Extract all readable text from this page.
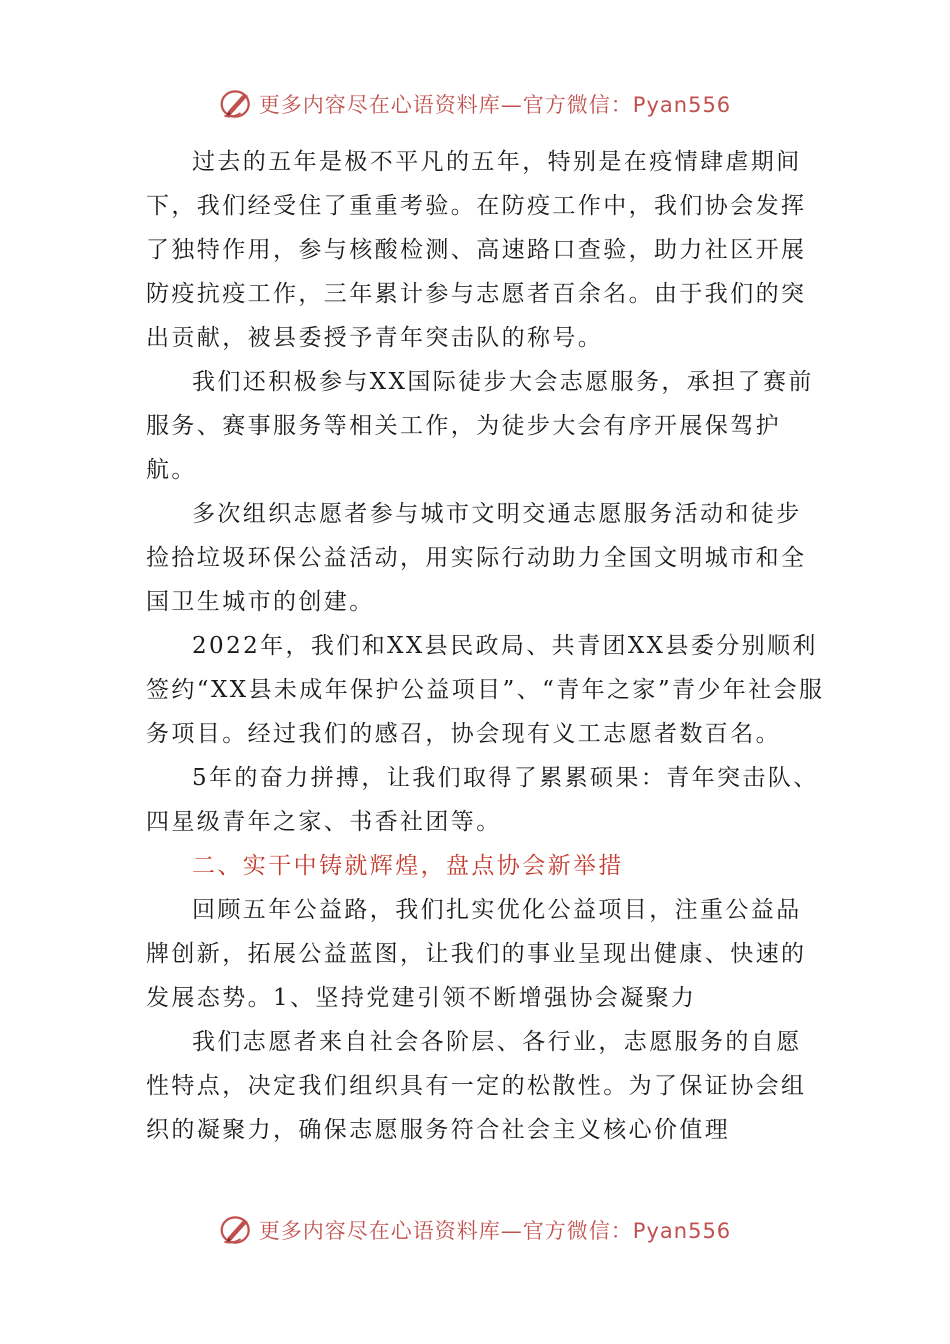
更多内容尽在心语资料库—官方微信：Pyan556

过去的五年是极不平凡的五年，特别是在疫情肆虐期间下，我们经受住了重重考验。在防疫工作中，我们协会发挥了独特作用，参与核酸检测、高速路口查验，助力社区开展防疫抗疫工作，三年累计参与志愿者百余名。由于我们的突出贡献，被县委授予青年突击队的称号。

我们还积极参与XX国际徒步大会志愿服务，承担了赛前服务、赛事服务等相关工作，为徒步大会有序开展保驾护航。

多次组织志愿者参与城市文明交通志愿服务活动和徒步捡拾垃圾环保公益活动，用实际行动助力全国文明城市和全国卫生城市的创建。

2022年，我们和XX县民政局、共青团XX县委分别顺利签约“XX县未成年保护公益项目”、“青年之家”青少年社会服务项目。经过我们的感召，协会现有义工志愿者数百名。

5年的奋力拼搏，让我们取得了累累硕果：青年突击队、四星级青年之家、书香社团等。

二、实干中铸就辉煌，盘点协会新举措

回顾五年公益路，我们扎实优化公益项目，注重公益品牌创新，拓展公益蓝图，让我们的事业呈现出健康、快速的发展态势。1、坚持党建引领不断增强协会凝聚力

我们志愿者来自社会各阶层、各行业，志愿服务的自愿性特点，决定我们组织具有一定的松散性。为了保证协会组织的凝聚力，确保志愿服务符合社会主义核心价值理

更多内容尽在心语资料库—官方微信：Pyan556
